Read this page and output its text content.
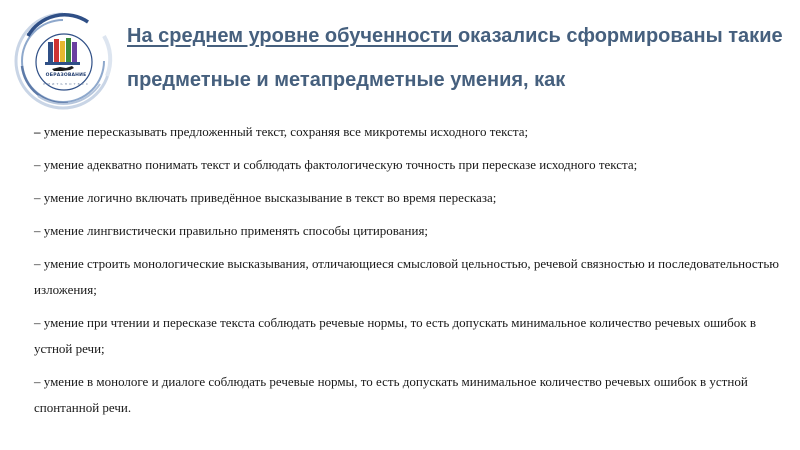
ОБРАЗОВАНИЕ
Е М И Т Ь Н О Т В Е С
На среднем уровне обученности оказались сформированы такие предметные и метапредметные умения, как
– умение пересказывать предложенный текст, сохраняя все микротемы исходного текста;
– умение адекватно понимать текст и соблюдать фактологическую точность при пересказе исходного текста;
– умение логично включать приведённое высказывание в текст во время пересказа;
– умение лингвистически правильно применять способы цитирования;
– умение строить монологические высказывания, отличающиеся смысловой цельностью, речевой связностью и последовательностью изложения;
– умение при чтении и пересказе текста соблюдать речевые нормы, то есть допускать минимальное количество речевых ошибок в устной речи;
– умение в монологе и диалоге соблюдать речевые нормы, то есть допускать минимальное количество речевых ошибок в устной спонтанной речи.
